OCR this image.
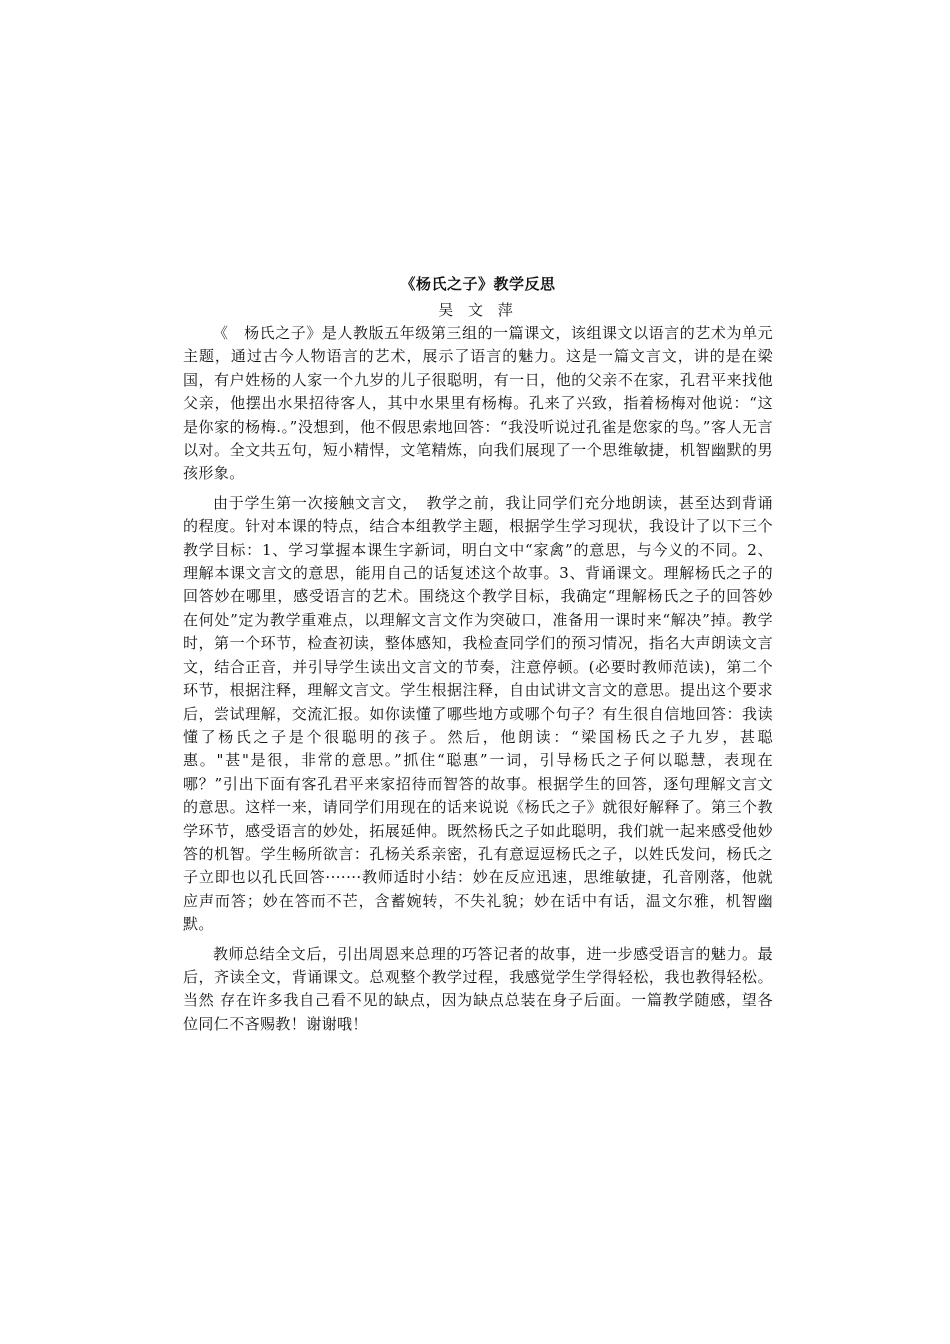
《杨氏之子》教学反思
吴 文 萍

《　杨氏之子》是人教版五年级第三组的一篇课文，该组课文以语言的艺术为单元主题，通过古今人物语言的艺术，展示了语言的魅力。这是一篇文言文，讲的是在梁国，有户姓杨的人家一个九岁的儿子很聪明，有一日，他的父亲不在家，孔君平来找他父亲，他摆出水果招待客人，其中水果里有杨梅。孔来了兴致，指着杨梅对他说：“这是你家的杨梅.。”没想到，他不假思索地回答：“我没听说过孔雀是您家的鸟。”客人无言以对。全文共五句，短小精悍，文笔精炼，向我们展现了一个思维敏捷，机智幽默的男孩形象。

由于学生第一次接触文言文，　教学之前，我让同学们充分地朗读，甚至达到背诵的程度。针对本课的特点，结合本组教学主题，根据学生学习现状，我设计了以下三个教学目标：1、学习掌握本课生字新词，明白文中“家禽”的意思，与今义的不同。2、理解本课文言文的意思，能用自己的话复述这个故事。3、背诵课文。理解杨氏之子的回答妙在哪里，感受语言的艺术。围绕这个教学目标，我确定“理解杨氏之子的回答妙在何处”定为教学重难点，以理解文言文作为突破口，准备用一课时来“解决”掉。教学时，第一个环节，检查初读，整体感知，我检查同学们的预习情况，指名大声朗读文言文，结合正音，并引导学生读出文言文的节奏，注意停顿。(必要时教师范读)，第二个环节，根据注释，理解文言文。学生根据注释，自由试讲文言文的意思。提出这个要求后，尝试理解，交流汇报。如你读懂了哪些地方或哪个句子？有生很自信地回答：我读懂了杨氏之子是个很聪明的孩子。然后，他朗读：“梁国杨氏之子九岁，甚聪惠。"甚"是很，非常的意思。”抓住“聪惠”一词，引导杨氏之子何以聪慧，表现在哪？”引出下面有客孔君平来家招待而智答的故事。根据学生的回答，逐句理解文言文的意思。这样一来，请同学们用现在的话来说说《杨氏之子》就很好解释了。第三个教学环节，感受语言的妙处，拓展延伸。既然杨氏之子如此聪明，我们就一起来感受他妙答的机智。学生畅所欲言：孔杨关系亲密，孔有意逗逗杨氏之子，以姓氏发问，杨氏之子立即也以孔氏回答·······教师适时小结：妙在反应迅速，思维敏捷，孔音刚落，他就应声而答；妙在答而不芒，含蓄婉转，不失礼貌；妙在话中有话，温文尔雅，机智幽默。

教师总结全文后，引出周恩来总理的巧答记者的故事，进一步感受语言的魅力。最后，齐读全文，背诵课文。总观整个教学过程，我感觉学生学得轻松，我也教得轻松。当然 存在许多我自己看不见的缺点，因为缺点总装在身子后面。一篇教学随感，望各位同仁不吝赐教！谢谢哦！
